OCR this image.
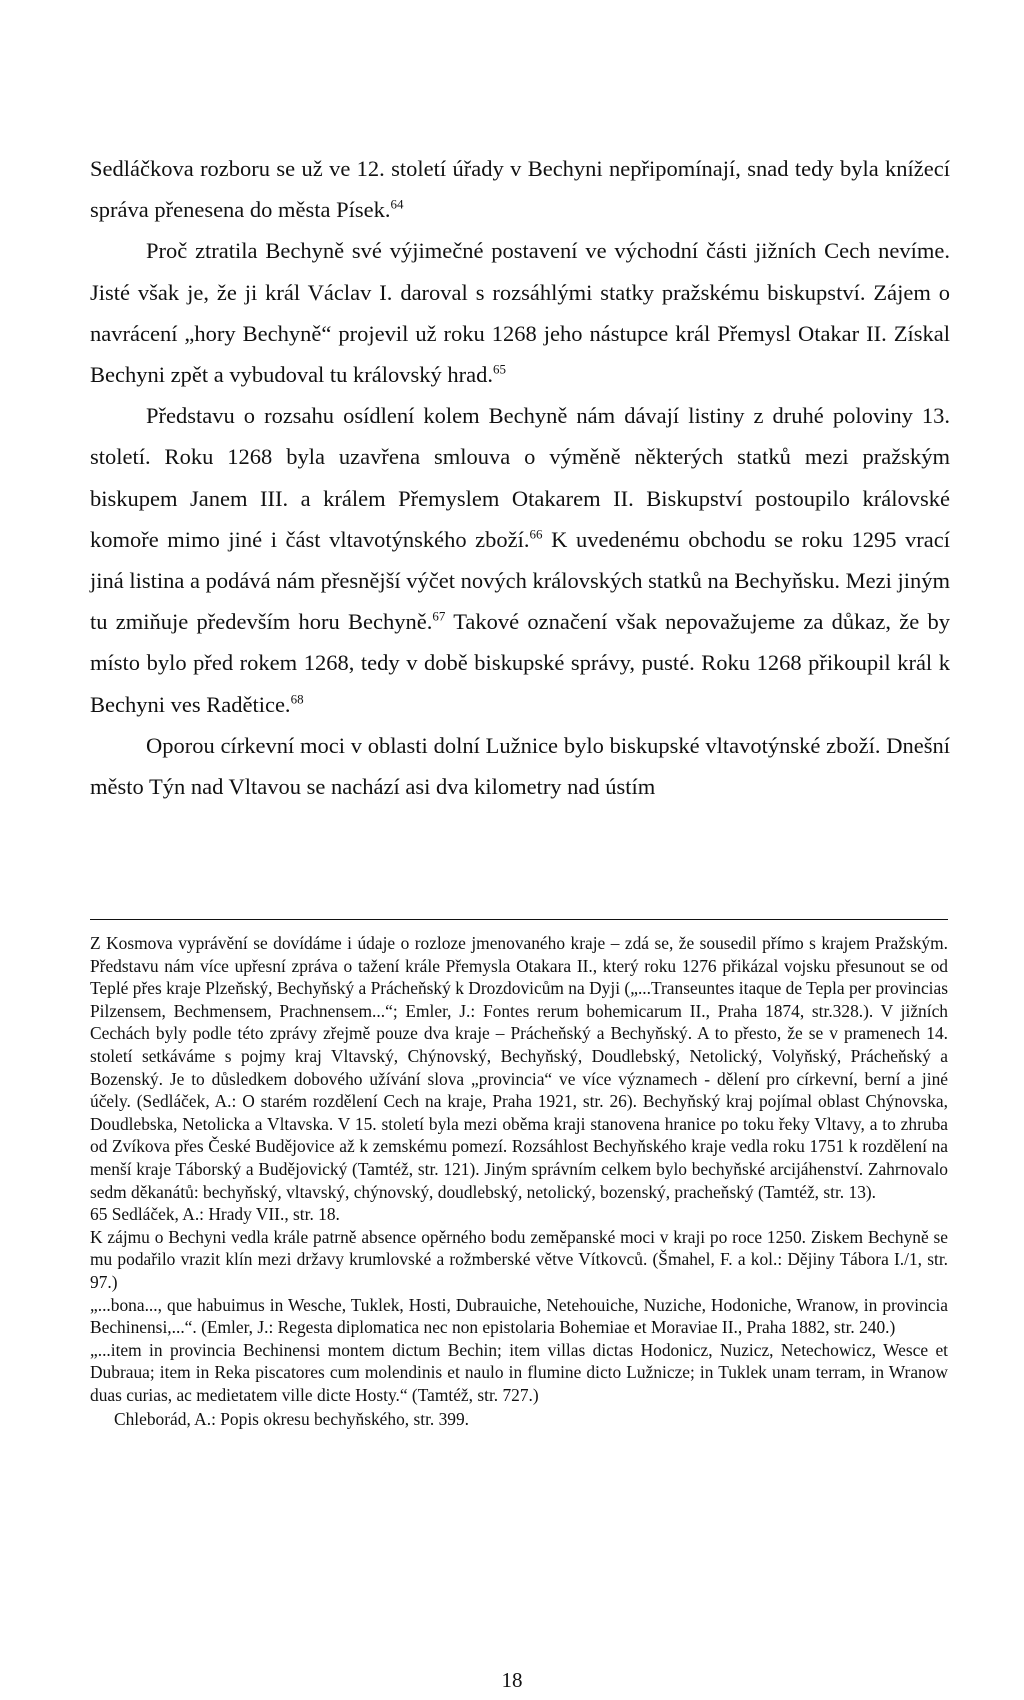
Sedláčkova rozboru se už ve 12. století úřady v Bechyni nepřipomínají, snad tedy byla knížecí správa přenesena do města Písek.$^{64}$

Proč ztratila Bechyně své výjimečné postavení ve východní části jižních Cech nevíme. Jisté však je, že ji král Václav I. daroval s rozsáhlými statky pražskému biskupství. Zájem o navrácení „hory Bechyně“ projevil už roku 1268 jeho nástupce král Přemysl Otakar II. Získal Bechyni zpět a vybudoval tu královský hrad.$^{65}$

Představu o rozsahu osídlení kolem Bechyně nám dávají listiny z druhé poloviny 13. století. Roku 1268 byla uzavřena smlouva o výměně některých statků mezi pražským biskupem Janem III. a králem Přemyslem Otakarem II. Biskupství postoupilo královské komoře mimo jiné i část vltavotýnského zboží.$^{66}$ K uvedenému obchodu se roku 1295 vrací jiná listina a podává nám přesnější výčet nových královských statků na Bechyňsku. Mezi jiným tu zmiňuje především horu Bechyně.$^{67}$ Takové označení však nepovažujeme za důkaz, že by místo bylo před rokem 1268, tedy v době biskupské správy, pusté. Roku 1268 přikoupil král k Bechyni ves Radětice.$^{68}$

Oporou církevní moci v oblasti dolní Lužnice bylo biskupské vltavotýnské zboží. Dnešní město Týn nad Vltavou se nachází asi dva kilometry nad ústím

Z Kosmova vyprávění se dovídáme i údaje o rozloze jmenovaného kraje – zdá se, že sousedil přímo s krajem Pražským. Představu nám více upřesní zpráva o tažení krále Přemysla Otakara II., který roku 1276 přikázal vojsku přesunout se od Teplé přes kraje Plzeňský, Bechyňský a Prácheňský k Drozdovicům na Dyji („...Transeuntes itaque de Tepla per provincias Pilzensem, Bechmensem, Prachnensem...“; Emler, J.: Fontes rerum bohemicarum II., Praha 1874, str.328.). V jižních Cechách byly podle této zprávy zřejmě pouze dva kraje – Prácheňský a Bechyňský. A to přesto, že se v pramenech 14. století setkáváme s pojmy kraj Vltavský, Chýnovský, Bechyňský, Doudlebský, Netolický, Volyňský, Prácheňský a Bozenský. Je to důsledkem dobového užívání slova „provincia“ ve více významech - dělení pro církevní, berní a jiné účely. (Sedláček, A.: O starém rozdělení Cech na kraje, Praha 1921, str. 26). Bechyňský kraj pojímal oblast Chýnovska, Doudlebska, Netolicka a Vltavska. V 15. století byla mezi oběma kraji stanovena hranice po toku řeky Vltavy, a to zhruba od Zvíkova přes České Budějovice až k zemskému pomezí. Rozsáhlost Bechyňského kraje vedla roku 1751 k rozdělení na menší kraje Táborský a Budějovický (Tamtéž, str. 121). Jiným správním celkem bylo bechyňské arcijáhenství. Zahrnovalo sedm děkanátů: bechyňský, vltavský, chýnovský, doudlebský, netolický, bozenský, pracheňský (Tamtéž, str. 13).

65 Sedláček, A.: Hrady VII., str. 18.

K zájmu o Bechyni vedla krále patrně absence opěrného bodu zeměpanské moci v kraji po roce 1250. Ziskem Bechyně se mu podařilo vrazit klín mezi državy krumlovské a rožmberské větve Vítkovců. (Šmahel, F. a kol.: Dějiny Tábora I./1, str. 97.)

„...bona..., que habuimus in Wesche, Tuklek, Hosti, Dubrauiche, Netehouiche, Nuziche, Hodoniche, Wranow, in provincia Bechinensi,...“. (Emler, J.: Regesta diplomatica nec non epistolaria Bohemiae et Moraviae II., Praha 1882, str. 240.)

„...item in provincia Bechinensi montem dictum Bechin; item villas dictas Hodonicz, Nuzicz, Netechowicz, Wesce et Dubraua; item in Reka piscatores cum molendinis et naulo in flumine dicto Lužnicze; in Tuklek unam terram, in Wranow duas curias, ac medietatem ville dicte Hosty.“ (Tamtéž, str. 727.)

Chleborád, A.: Popis okresu bechyňského, str. 399.

18
